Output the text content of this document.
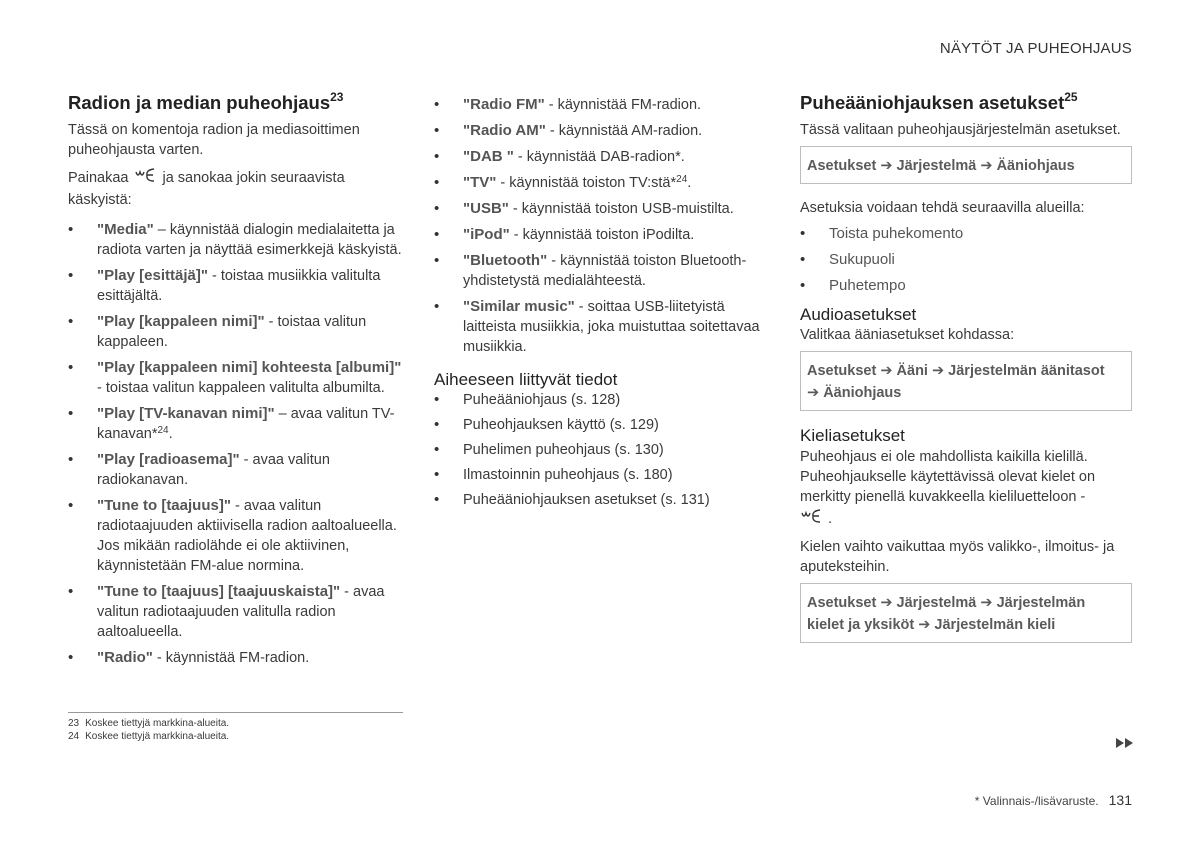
NÄYTÖT JA PUHEOHJAUS
Radion ja median puheohjaus$^{23}$

Tässä on komentoja radion ja mediasoittimen puheohjausta varten.

Painakaa ja sanokaa jokin seuraavista käskyistä:

• "Media" – käynnistää dialogin medialaitetta ja radiota varten ja näyttää esimerkkejä käskyistä.
• "Play [esittäjä]" - toistaa musiikkia valitulta esittäjältä.
• "Play [kappaleen nimi]" - toistaa valitun kappaleen.
• "Play [kappaleen nimi] kohteesta [albumi]" - toistaa valitun kappaleen valitulta albumilta.
• "Play [TV-kanavan nimi]" – avaa valitun TV-kanavan*$^{24}$.
• "Play [radioasema]" - avaa valitun radiokanavan.
• "Tune to [taajuus]" - avaa valitun radiotaajuuden aktiivisella radion aaltoalueella. Jos mikään radiolähde ei ole aktiivinen, käynnistetään FM-alue normina.
• "Tune to [taajuus] [taajuuskaista]" - avaa valitun radiotaajuuden valitulla radion aaltoalueella.
• "Radio" - käynnistää FM-radion.
• "Radio FM" - käynnistää FM-radion.
• "Radio AM" - käynnistää AM-radion.
• "DAB " - käynnistää DAB-radion*.
• "TV" - käynnistää toiston TV:stä*$^{24}$.
• "USB" - käynnistää toiston USB-muistilta.
• "iPod" - käynnistää toiston iPodilta.
• "Bluetooth" - käynnistää toiston Bluetooth-yhdistetystä medialähteestä.
• "Similar music" - soittaa USB-liitetyistä laitteista musiikkia, joka muistuttaa soitettavaa musiikkia.
Aiheeseen liittyvät tiedot
• Puheääniohjaus (s. 128)
• Puheohjauksen käyttö (s. 129)
• Puhelimen puheohjaus (s. 130)
• Ilmastoinnin puheohjaus (s. 180)
• Puheääniohjauksen asetukset (s. 131)
Puheääniohjauksen asetukset$^{25}$

Tässä valitaan puheohjausjärjestelmän asetukset.

Asetukset ➔ Järjestelmä ➔ Ääniohjaus

Asetuksia voidaan tehdä seuraavilla alueilla:

• Toista puhekomento
• Sukupuoli
• Puhetempo
Audioasetukset

Valitkaa ääniasetukset kohdassa:

Asetukset ➔ Ääni ➔ Järjestelmän äänitasot
➔ Ääniohjaus
Kieliasetukset

Puheohjaus ei ole mahdollista kaikilla kielillä. Puheohjaukselle käytettävissä olevat kielet on merkitty pienellä kuvakkeella kieliluetteloon -
.

Kielen vaihto vaikuttaa myös valikko-, ilmoitus- ja aputeksteihin.

Asetukset ➔ Järjestelmä ➔ Järjestelmän kielet ja yksiköt ➔ Järjestelmän kieli
23 Koskee tiettyjä markkina-alueita.
24 Koskee tiettyjä markkina-alueita.
* Valinnais-/lisävaruste. 131
